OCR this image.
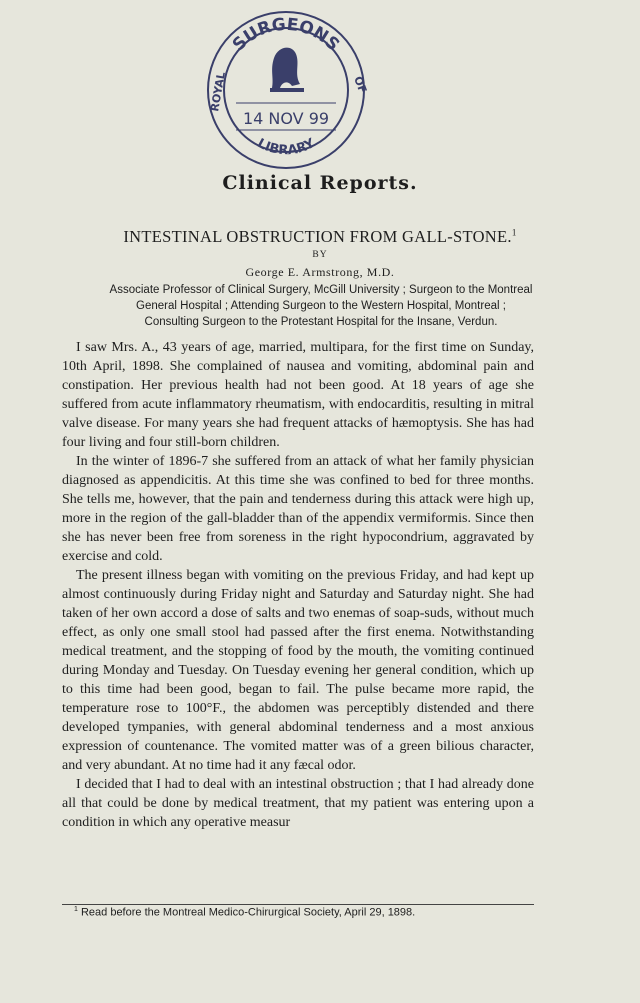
SURGEONS
ROYAL	OF
14 NOV 99
LIBRARY
Clinical Reports.
INTESTINAL OBSTRUCTION FROM GALL-STONE.$^1$
BY
George E. Armstrong, M.D.
Associate Professor of Clinical Surgery, McGill University ; Surgeon to the Montreal
General Hospital ; Attending Surgeon to the Western Hospital, Montreal ;
Consulting Surgeon to the Protestant Hospital for the Insane, Verdun.

I saw Mrs. A., 43 years of age, married, multipara, for the first time on Sunday, 10th April, 1898. She complained of nausea and vomiting, abdominal pain and constipation. Her previous health had not been good. At 18 years of age she suffered from acute inflammatory rheumatism, with endocarditis, resulting in mitral valve disease. For many years she had frequent attacks of hæmoptysis. She has had four living and four still-born children.

In the winter of 1896-7 she suffered from an attack of what her family physician diagnosed as appendicitis. At this time she was confined to bed for three months. She tells me, however, that the pain and tenderness during this attack were high up, more in the region of the gall-bladder than of the appendix vermiformis. Since then she has never been free from soreness in the right hypocondrium, aggravated by exercise and cold.

The present illness began with vomiting on the previous Friday, and had kept up almost continuously during Friday night and Saturday and Saturday night. She had taken of her own accord a dose of salts and two enemas of soap-suds, without much effect, as only one small stool had passed after the first enema. Notwithstanding medical treatment, and the stopping of food by the mouth, the vomiting continued during Monday and Tuesday. On Tuesday evening her general condition, which up to this time had been good, began to fail. The pulse became more rapid, the temperature rose to 100°F., the abdomen was perceptibly distended and there developed tympanies, with general abdominal tenderness and a most anxious expression of countenance. The vomited matter was of a green bilious character, and very abundant. At no time had it any fæcal odor.

I decided that I had to deal with an intestinal obstruction ; that I had already done all that could be done by medical treatment, that my patient was entering upon a condition in which any operative measur

$^1$ Read before the Montreal Medico-Chirurgical Society, April 29, 1898.
